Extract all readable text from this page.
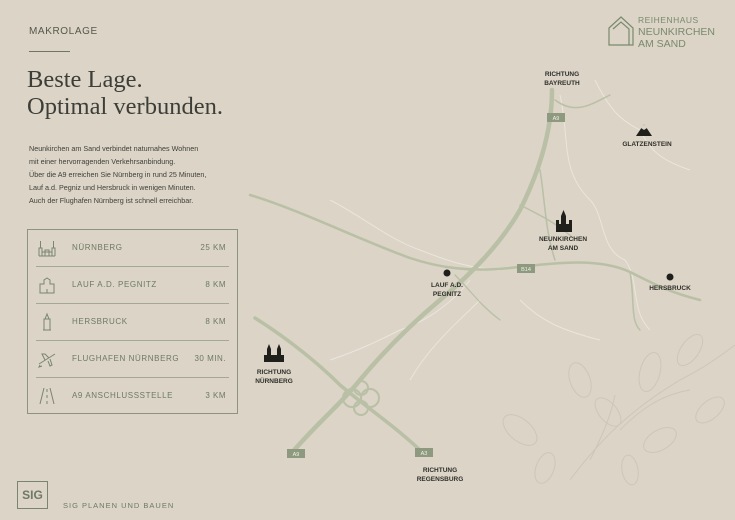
A9
B14
A9	A3
RICHTUNG
BAYREUTH
GLATZENSTEIN
NEUNKIRCHEN
AM SAND
LAUF A.D.
PEGNITZ
HERSBRUCK
RICHTUNG
NÜRNBERG
RICHTUNG
REGENSBURG
MAKROLAGE
Beste Lage.
Optimal verbunden.
Neunkirchen am Sand verbindet naturnahes Wohnen
mit einer hervorragenden Verkehrsanbindung.
Über die A9 erreichen Sie Nürnberg in rund 25 Minuten,
Lauf a.d. Pegniz und Hersbruck in wenigen Minuten.
Auch der Flughafen Nürnberg ist schnell erreichbar.
NÜRNBERG	25 KM
LAUF A.D. PEGNITZ	8 KM
HERSBRUCK	8 KM
FLUGHAFEN NÜRNBERG 30 MIN.
A9 ANSCHLUSSSTELLE	3 KM
REIHENHAUS
NEUNKIRCHEN
AM SAND
SIG
SIG PLANEN UND BAUEN
